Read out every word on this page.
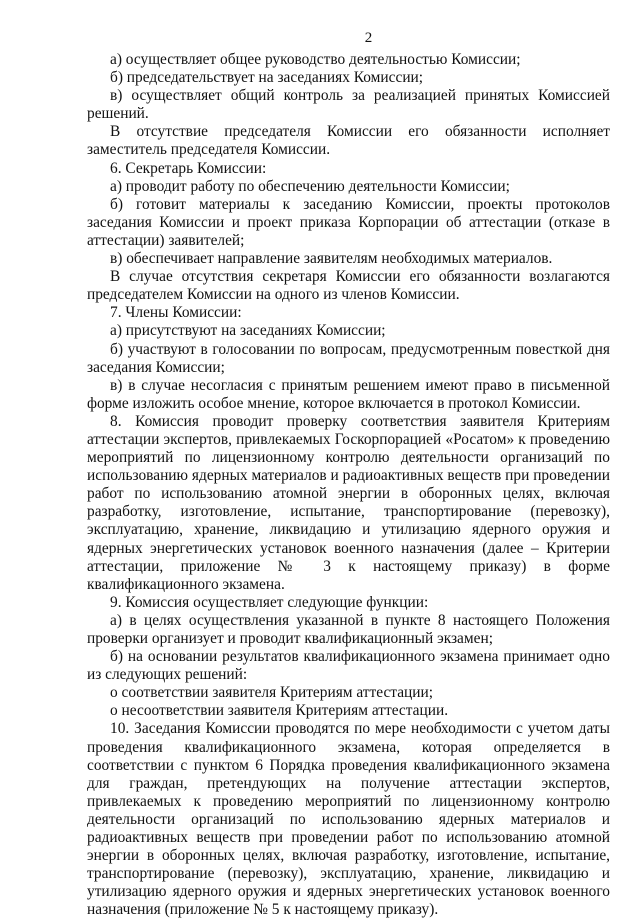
2

а) осуществляет общее руководство деятельностью Комиссии;

б) председательствует на заседаниях Комиссии;

в) осуществляет общий контроль за реализацией принятых Комиссией решений.

В отсутствие председателя Комиссии его обязанности исполняет заместитель председателя Комиссии.

6. Секретарь Комиссии:

а) проводит работу по обеспечению деятельности Комиссии;

б) готовит материалы к заседанию Комиссии, проекты протоколов заседания Комиссии и проект приказа Корпорации об аттестации (отказе в аттестации) заявителей;

в) обеспечивает направление заявителям необходимых материалов.

В случае отсутствия секретаря Комиссии его обязанности возлагаются председателем Комиссии на одного из членов Комиссии.

7. Члены Комиссии:

а) присутствуют на заседаниях Комиссии;

б) участвуют в голосовании по вопросам, предусмотренным повесткой дня заседания Комиссии;

в) в случае несогласия с принятым решением имеют право в письменной форме изложить особое мнение, которое включается в протокол Комиссии.

8. Комиссия проводит проверку соответствия заявителя Критериям аттестации экспертов, привлекаемых Госкорпорацией «Росатом» к проведению мероприятий по лицензионному контролю деятельности организаций по использованию ядерных материалов и радиоактивных веществ при проведении работ по использованию атомной энергии в оборонных целях, включая разработку, изготовление, испытание, транспортирование (перевозку), эксплуатацию, хранение, ликвидацию и утилизацию ядерного оружия и ядерных энергетических установок военного назначения (далее – Критерии аттестации, приложение № 3 к настоящему приказу) в форме квалификационного экзамена.

9. Комиссия осуществляет следующие функции:

а) в целях осуществления указанной в пункте 8 настоящего Положения проверки организует и проводит квалификационный экзамен;

б) на основании результатов квалификационного экзамена принимает одно из следующих решений:

о соответствии заявителя Критериям аттестации;

о несоответствии заявителя Критериям аттестации.

10. Заседания Комиссии проводятся по мере необходимости с учетом даты проведения квалификационного экзамена, которая определяется в соответствии с пунктом 6 Порядка проведения квалификационного экзамена для граждан, претендующих на получение аттестации экспертов, привлекаемых к проведению мероприятий по лицензионному контролю деятельности организаций по использованию ядерных материалов и радиоактивных веществ при проведении работ по использованию атомной энергии в оборонных целях, включая разработку, изготовление, испытание, транспортирование (перевозку), эксплуатацию, хранение, ликвидацию и утилизацию ядерного оружия и ядерных энергетических установок военного назначения (приложение № 5 к настоящему приказу).
